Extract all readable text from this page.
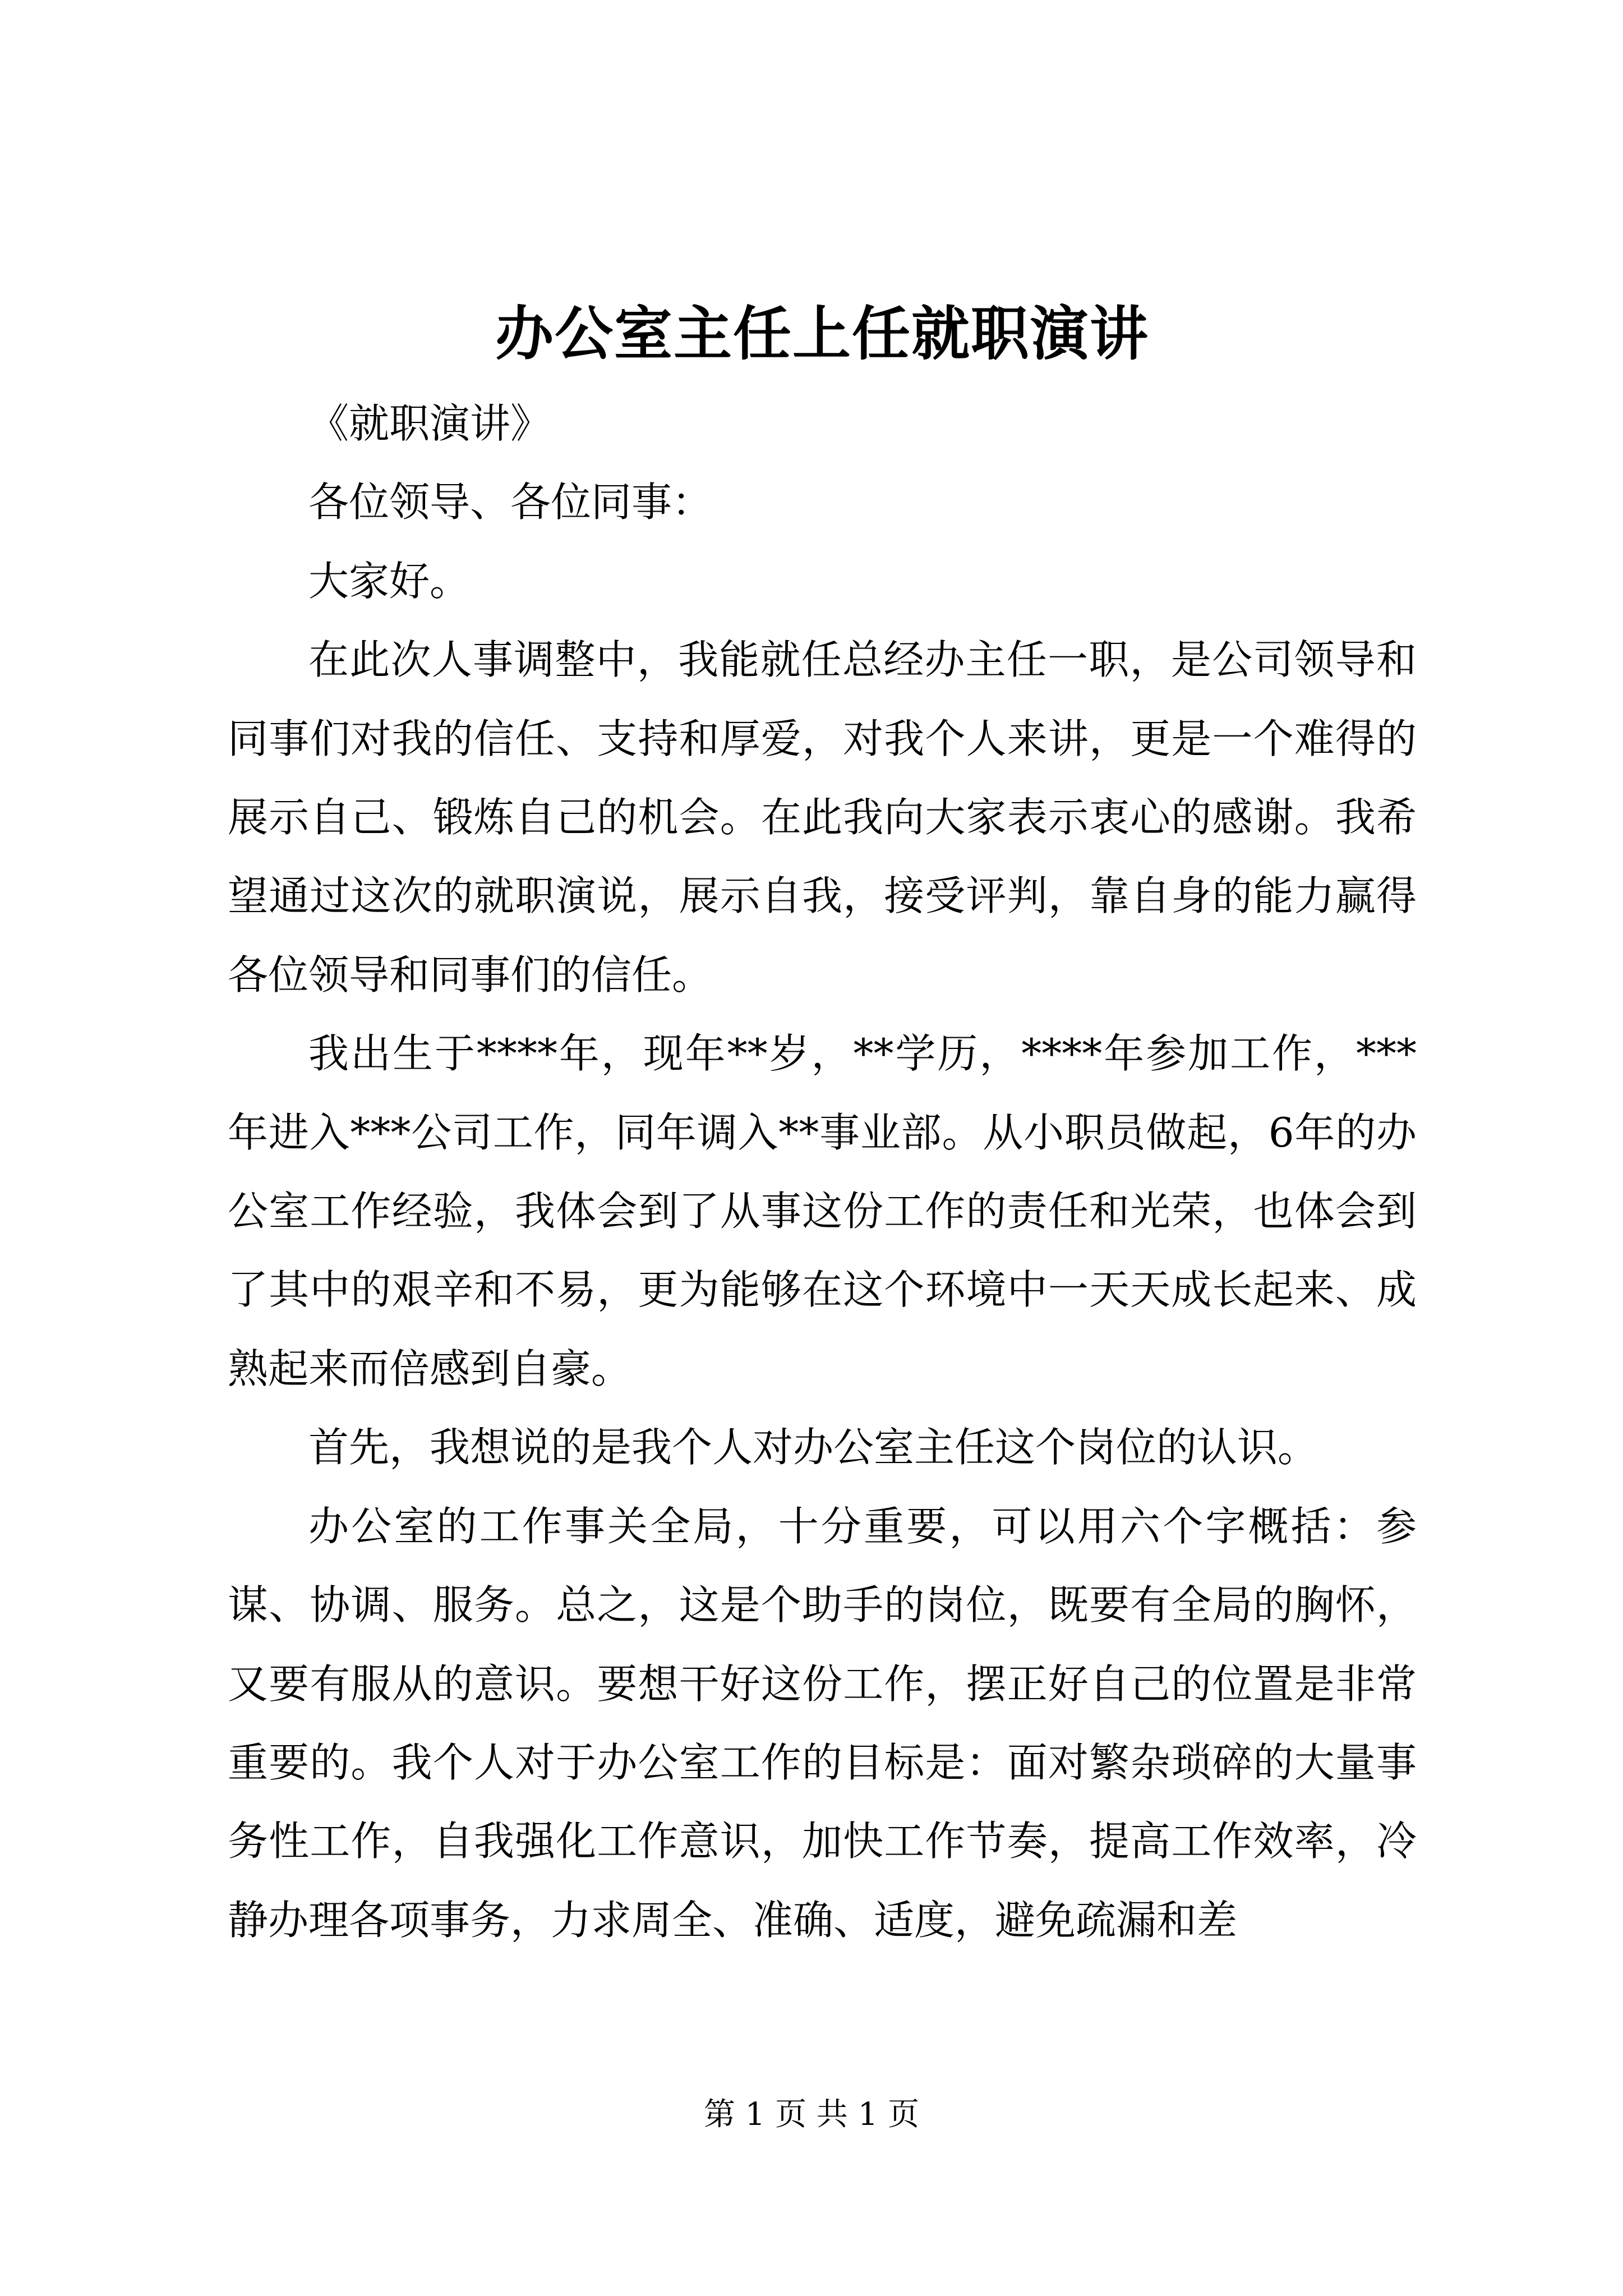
办公室主任上任就职演讲

《就职演讲》

各位领导、各位同事：

大家好。

在此次人事调整中，我能就任总经办主任一职，是公司领导和同事们对我的信任、支持和厚爱，对我个人来讲，更是一个难得的展示自己、锻炼自己的机会。在此我向大家表示衷心的感谢。我希望通过这次的就职演说，展示自我，接受评判，靠自身的能力赢得各位领导和同事们的信任。

我出生于****年，现年**岁，**学历，****年参加工作，***年进入***公司工作，同年调入**事业部。从小职员做起，6年的办公室工作经验，我体会到了从事这份工作的责任和光荣，也体会到了其中的艰辛和不易，更为能够在这个环境中一天天成长起来、成熟起来而倍感到自豪。

首先，我想说的是我个人对办公室主任这个岗位的认识。

办公室的工作事关全局，十分重要，可以用六个字概括：参谋、协调、服务。总之，这是个助手的岗位，既要有全局的胸怀，又要有服从的意识。要想干好这份工作，摆正好自己的位置是非常重要的。我个人对于办公室工作的目标是：面对繁杂琐碎的大量事务性工作，自我强化工作意识，加快工作节奏，提高工作效率，冷静办理各项事务，力求周全、准确、适度，避免疏漏和差

第 1 页 共 1 页
